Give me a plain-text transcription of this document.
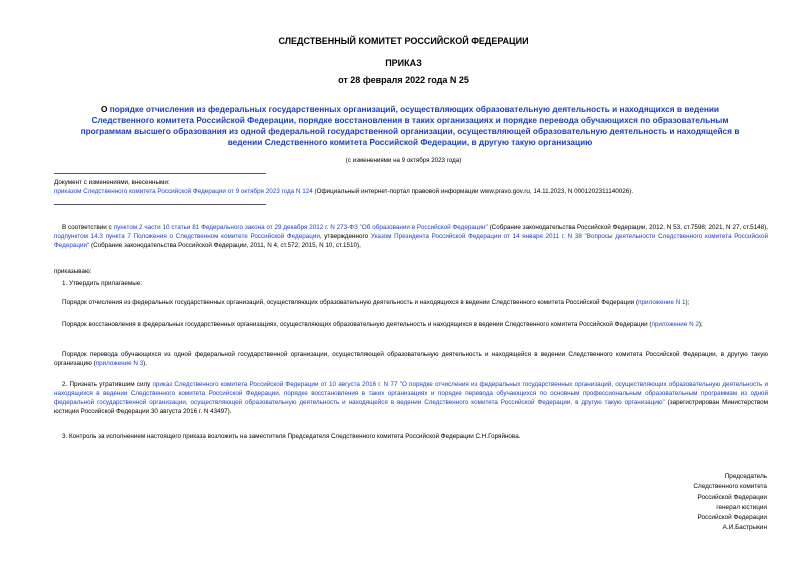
СЛЕДСТВЕННЫЙ КОМИТЕТ РОССИЙСКОЙ ФЕДЕРАЦИИ
ПРИКАЗ
от 28 февраля 2022 года N 25
О порядке отчисления из федеральных государственных организаций, осуществляющих образовательную деятельность и находящихся в ведении Следственного комитета Российской Федерации, порядке восстановления в таких организациях и порядке перевода обучающихся по образовательным программам высшего образования из одной федеральной государственной организации, осуществляющей образовательную деятельность и находящейся в ведении Следственного комитета Российской Федерации, в другую такую организацию
(с изменениями на 9 октября 2023 года)
Документ с изменениями, внесенными:
приказом Следственного комитета Российской Федерации от 9 октября 2023 года N 124 (Официальный интернет-портал правовой информации www.pravo.gov.ru, 14.11.2023, N 0001202311140026).
В соответствии с пунктом 2 части 10 статьи 81 Федерального закона от 29 декабря 2012 г. N 273-ФЗ "Об образовании в Российской Федерации" (Собрание законодательства Российской Федерации, 2012, N 53, ст.7598; 2021, N 27, ст.5148), подпунктом 14.3 пункта 7 Положения о Следственном комитете Российской Федерации, утвержденного Указом Президента Российской Федерации от 14 января 2011 г. N 38 "Вопросы деятельности Следственного комитета Российской Федерации" (Собрание законодательства Российской Федерации, 2011, N 4, ст.572; 2015, N 10, ст.1510),
приказываю:
1. Утвердить прилагаемые:
Порядок отчисления из федеральных государственных организаций, осуществляющих образовательную деятельность и находящихся в ведении Следственного комитета Российской Федерации (приложение N 1);
Порядок восстановления в федеральных государственных организациях, осуществляющих образовательную деятельность и находящихся в ведении Следственного комитета Российской Федерации (приложение N 2);
Порядок перевода обучающихся из одной федеральной государственной организации, осуществляющей образовательную деятельность и находящейся в ведении Следственного комитета Российской Федерации, в другую такую организацию (приложение N 3).
2. Признать утратившим силу приказ Следственного комитета Российской Федерации от 10 августа 2016 г. N 77 "О порядке отчисления из федеральных государственных организаций, осуществляющих образовательную деятельность и находящихся в ведении Следственного комитета Российской Федерации, порядке восстановления в таких организациях и порядке перевода обучающихся по основным профессиональным образовательным программам из одной федеральной государственной организации, осуществляющей образовательную деятельность и находящейся в ведении Следственного комитета Российской Федерации, в другую такую организацию" (зарегистрирован Министерством юстиции Российской Федерации 30 августа 2016 г. N 43497).
3. Контроль за исполнением настоящего приказа возложить на заместителя Председателя Следственного комитета Российской Федерации С.Н.Горяйнова.
Председатель
Следственного комитета
Российской Федерации
генерал юстиции
Российской Федерации
А.И.Бастрыкин
